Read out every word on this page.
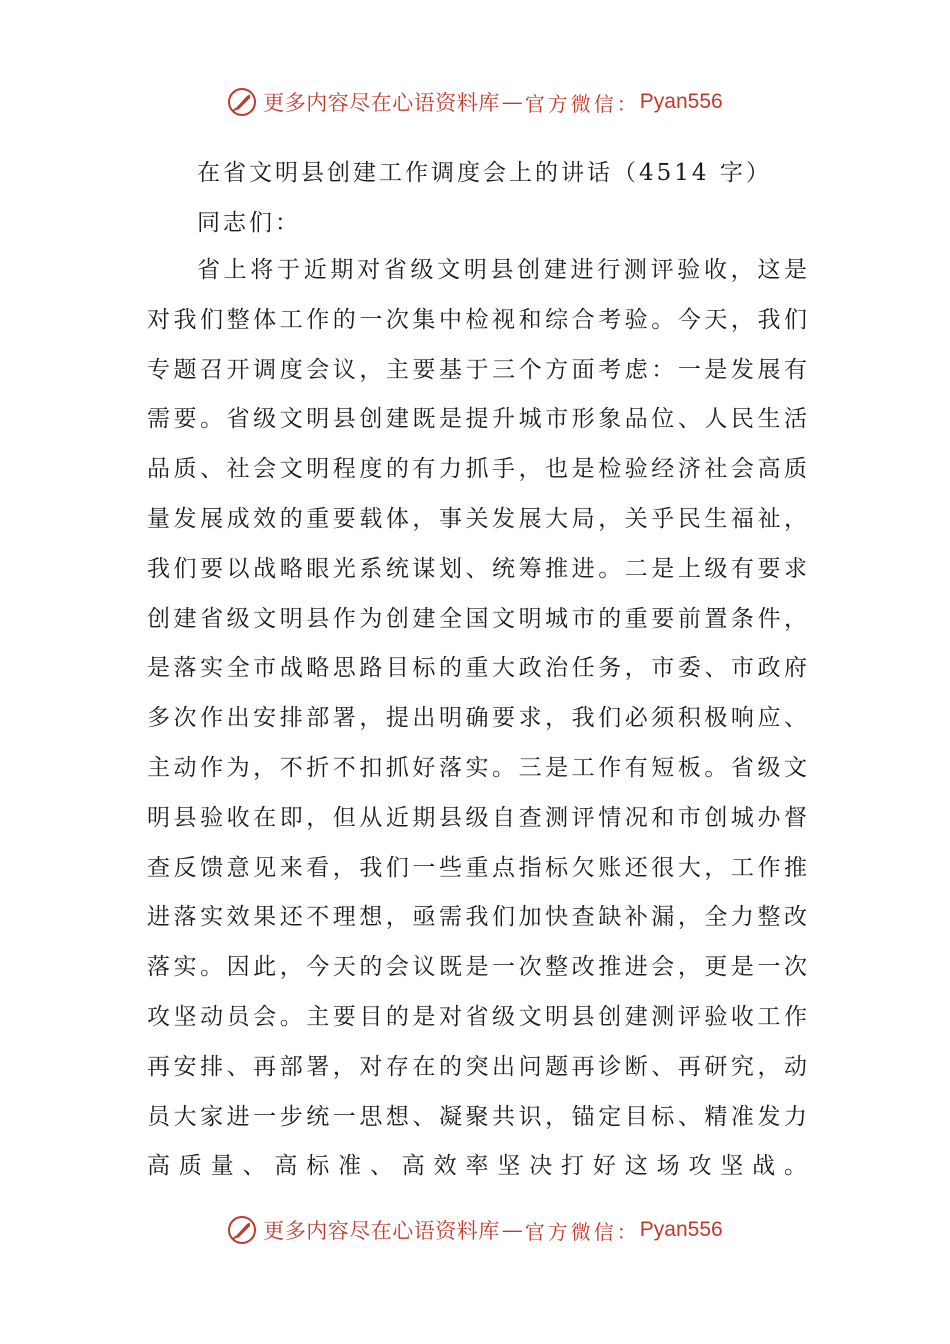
更多内容尽在心语资料库 — 官方微信： Pyan556
在省文明县创建工作调度会上的讲话（4514 字）
同志们：
省上将于近期对省级文明县创建进行测评验收，这是
对我们整体工作的一次集中检视和综合考验。今天，我们
专题召开调度会议，主要基于三个方面考虑：一是发展有
需要。省级文明县创建既是提升城市形象品位、人民生活
品质、社会文明程度的有力抓手，也是检验经济社会高质
量发展成效的重要载体，事关发展大局，关乎民生福祉，
我们要以战略眼光系统谋划、统筹推进。二是上级有要求
创建省级文明县作为创建全国文明城市的重要前置条件，
是落实全市战略思路目标的重大政治任务，市委、市政府
多次作出安排部署，提出明确要求，我们必须积极响应、
主动作为，不折不扣抓好落实。三是工作有短板。省级文
明县验收在即，但从近期县级自查测评情况和市创城办督
查反馈意见来看，我们一些重点指标欠账还很大，工作推
进落实效果还不理想，亟需我们加快查缺补漏，全力整改
落实。因此，今天的会议既是一次整改推进会，更是一次
攻坚动员会。主要目的是对省级文明县创建测评验收工作
再安排、再部署，对存在的突出问题再诊断、再研究，动
员大家进一步统一思想、凝聚共识，锚定目标、精准发力
高质量、高标准、高效率坚决打好这场攻坚战。
更多内容尽在心语资料库 — 官方微信： Pyan556
